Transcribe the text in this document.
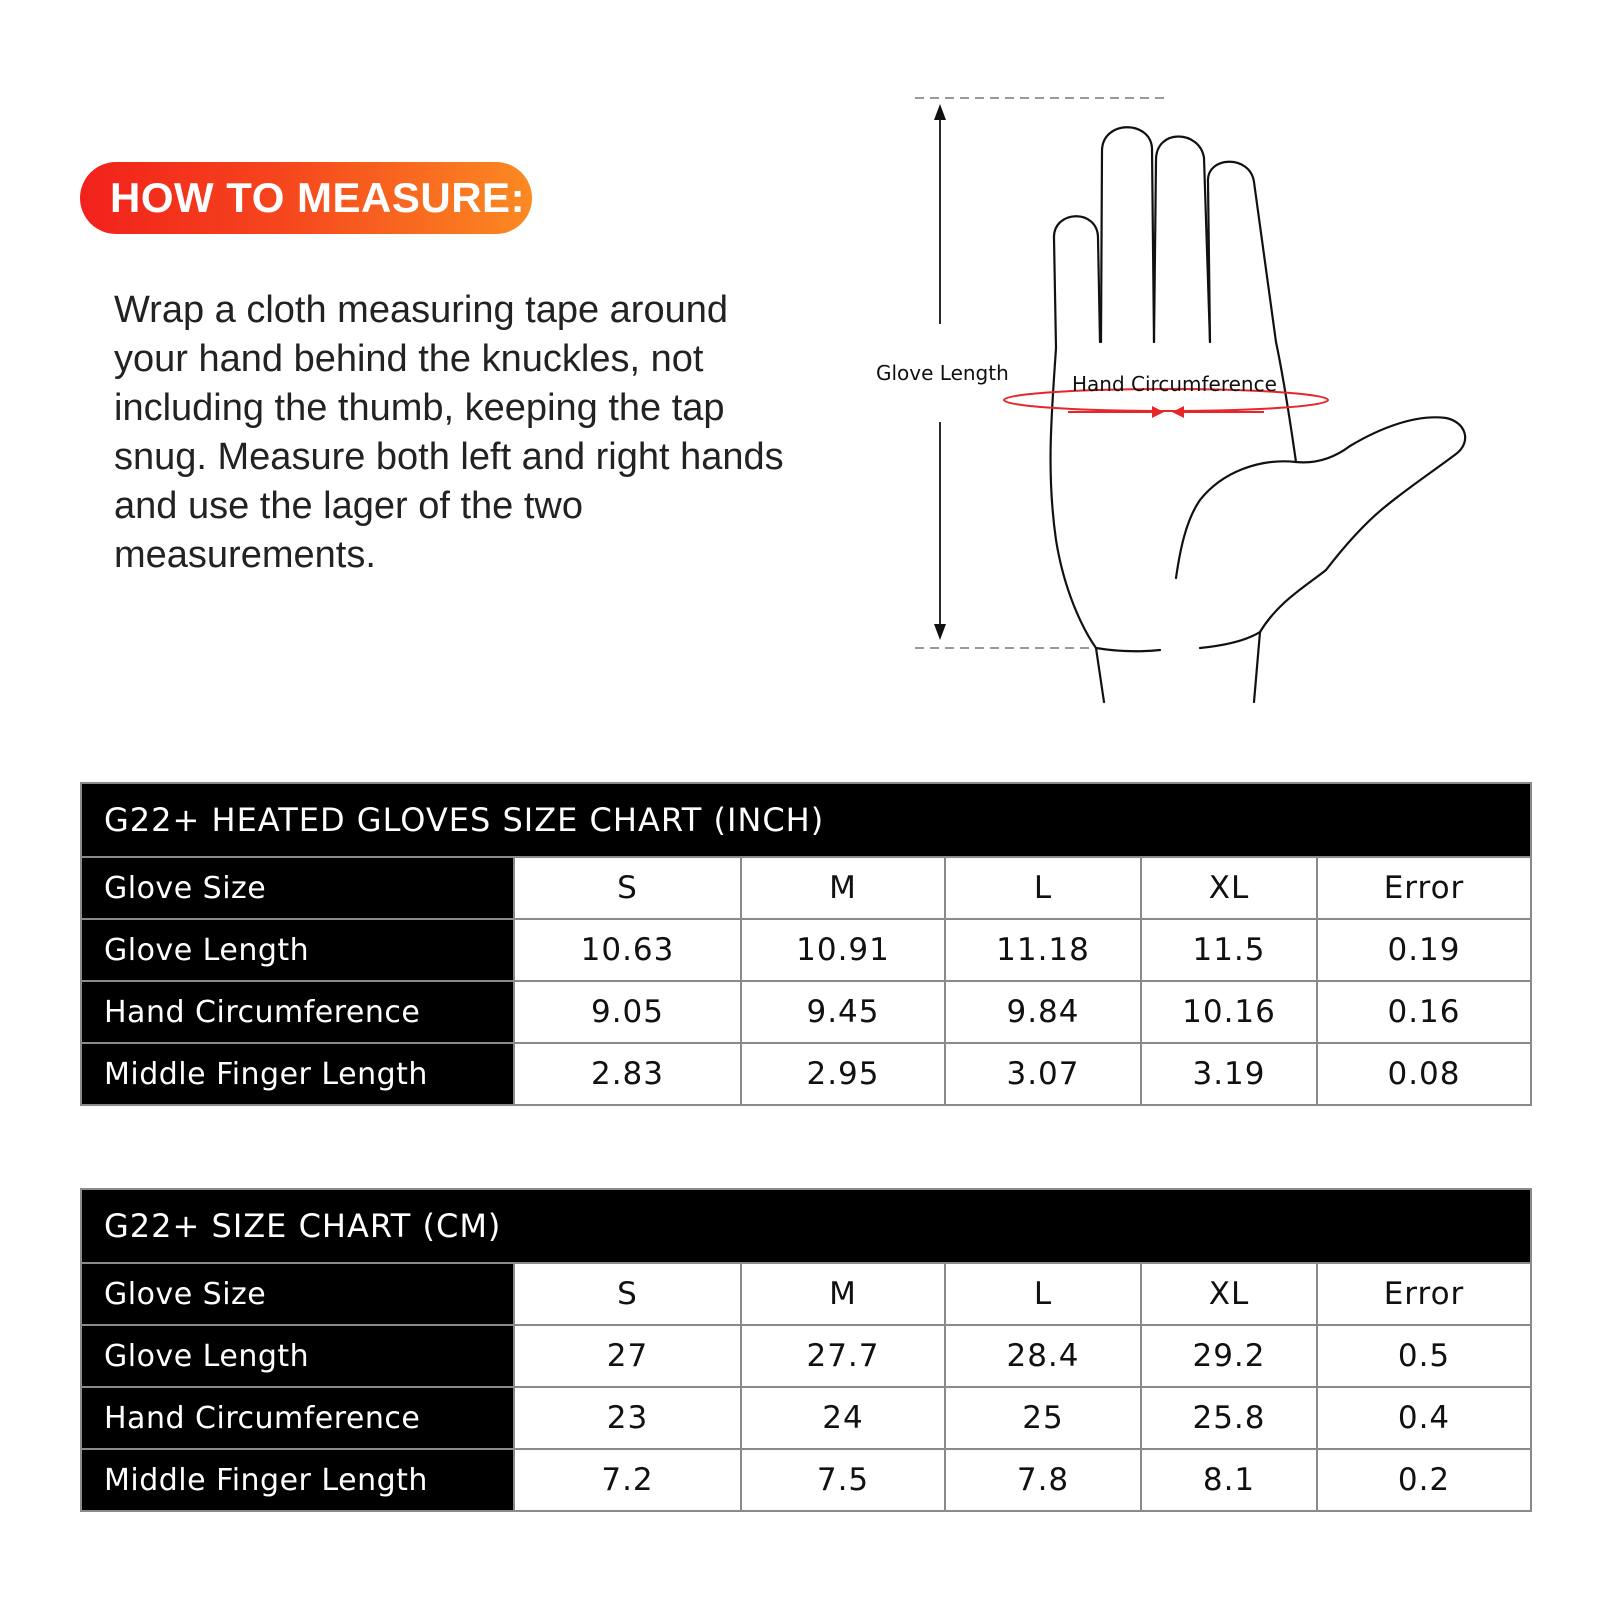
HOW TO MEASURE:

Wrap a cloth measuring tape around your hand behind the knuckles, not including the thumb, keeping the tap snug. Measure both left and right hands and use the lager of the two measurements.

Glove Length	Hand Circumference
G22+ HEATED GLOVES SIZE CHART (INCH)					
Glove Size	S	M	L	XL	Error
Glove Length	10.63	10.91	11.18	11.5	0.19
Hand Circumference	9.05	9.45	9.84	10.16	0.16
Middle Finger Length	2.83	2.95	3.07	3.19	0.08
G22+ SIZE CHART (CM)					
Glove Size	S	M	L	XL	Error
Glove Length	27	27.7	28.4	29.2	0.5
Hand Circumference	23	24	25	25.8	0.4
Middle Finger Length	7.2	7.5	7.8	8.1	0.2
